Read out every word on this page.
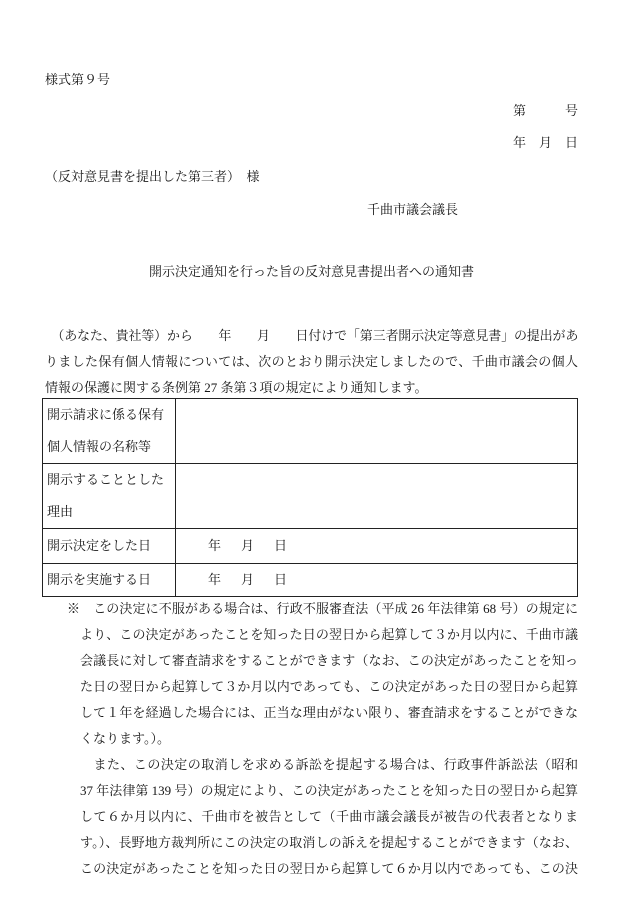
様式第９号
第　　　号
年　月　日
（反対意見書を提出した第三者）　様
千曲市議会議長
開示決定通知を行った旨の反対意見書提出者への通知書
　（あなた、貴社等）から　　年　　月　　日付けで「第三者開示決定等意見書」の提出があ
りました保有個人情報については、次のとおり開示決定しましたので、千曲市議会の個人
情報の保護に関する条例第 27 条第３項の規定により通知します。
開示請求に係る保有
個人情報の名称等	

開示することとした
理由	

開示決定をした日	年　　月　　日
開示を実施する日	年　　月　　日
※　この決定に不服がある場合は、行政不服審査法（平成 26 年法律第 68 号）の規定に
より、この決定があったことを知った日の翌日から起算して３か月以内に、千曲市議
会議長に対して審査請求をすることができます（なお、この決定があったことを知っ
た日の翌日から起算して３か月以内であっても、この決定があった日の翌日から起算
して１年を経過した場合には、正当な理由がない限り、審査請求をすることができな
くなります。）。
　また、この決定の取消しを求める訴訟を提起する場合は、行政事件訴訟法（昭和
37 年法律第 139 号）の規定により、この決定があったことを知った日の翌日から起算
して６か月以内に、千曲市を被告として（千曲市議会議長が被告の代表者となりま
す。）、長野地方裁判所にこの決定の取消しの訴えを提起することができます（なお、
この決定があったことを知った日の翌日から起算して６か月以内であっても、この決
